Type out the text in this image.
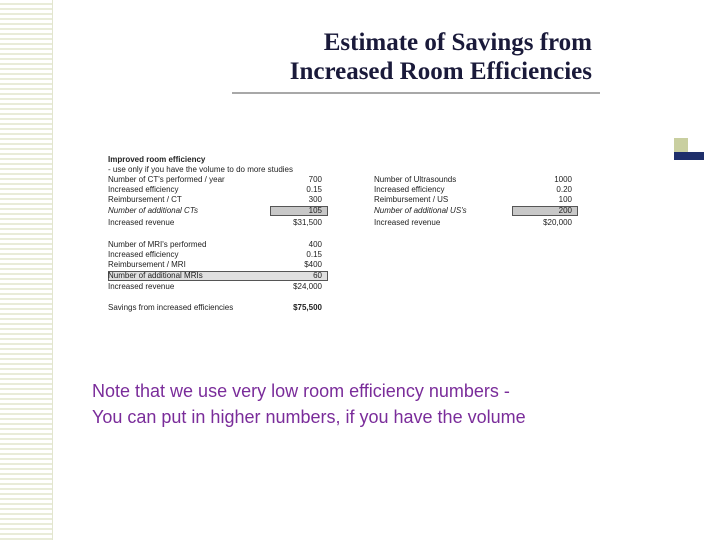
Estimate of Savings from
Increased Room Efficiencies
Improved room efficiency
- use only if you have the volume to do more studies
Number of CT's performed / year	700
Increased efficiency	0.15
Reimbursement / CT	300
Number of additional CTs	105
Increased revenue	$31,500
Number of Ultrasounds	1000
Increased efficiency	0.20
Reimbursement / US	100
Number of additional US's	200
Increased revenue	$20,000
Number of MRI's performed	400
Increased efficiency	0.15
Reimbursement / MRI	$400
Number of additional MRIs	60
Increased revenue	$24,000
Savings from increased efficiencies	$75,500
Note that we use very low room efficiency numbers -
You can put in higher numbers, if you have the volume
